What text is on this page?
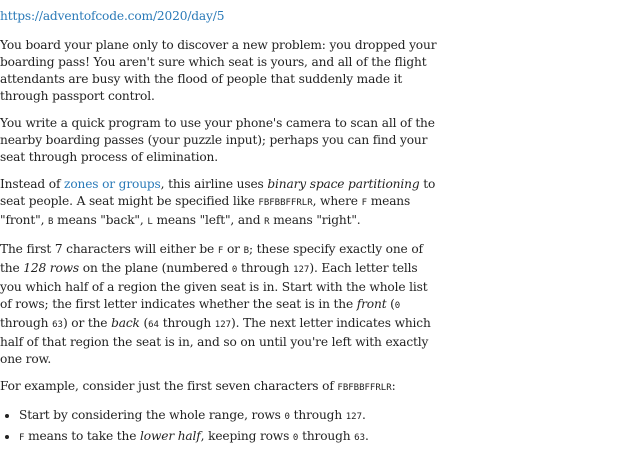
https://adventofcode.com/2020/day/5

You board your plane only to discover a new problem: you dropped your boarding pass! You aren't sure which seat is yours, and all of the flight attendants are busy with the flood of people that suddenly made it through passport control.

You write a quick program to use your phone's camera to scan all of the nearby boarding passes (your puzzle input); perhaps you can find your seat through process of elimination.

Instead of zones or groups, this airline uses binary space partitioning to seat people. A seat might be specified like FBFBBFFRLR, where F means "front", B means "back", L means "left", and R means "right".

The first 7 characters will either be F or B; these specify exactly one of the 128 rows on the plane (numbered 0 through 127). Each letter tells you which half of a region the given seat is in. Start with the whole list of rows; the first letter indicates whether the seat is in the front (0 through 63) or the back (64 through 127). The next letter indicates which half of that region the seat is in, and so on until you're left with exactly one row.

For example, consider just the first seven characters of FBFBBFFRLR:

• Start by considering the whole range, rows 0 through 127.
• F means to take the lower half, keeping rows 0 through 63.
